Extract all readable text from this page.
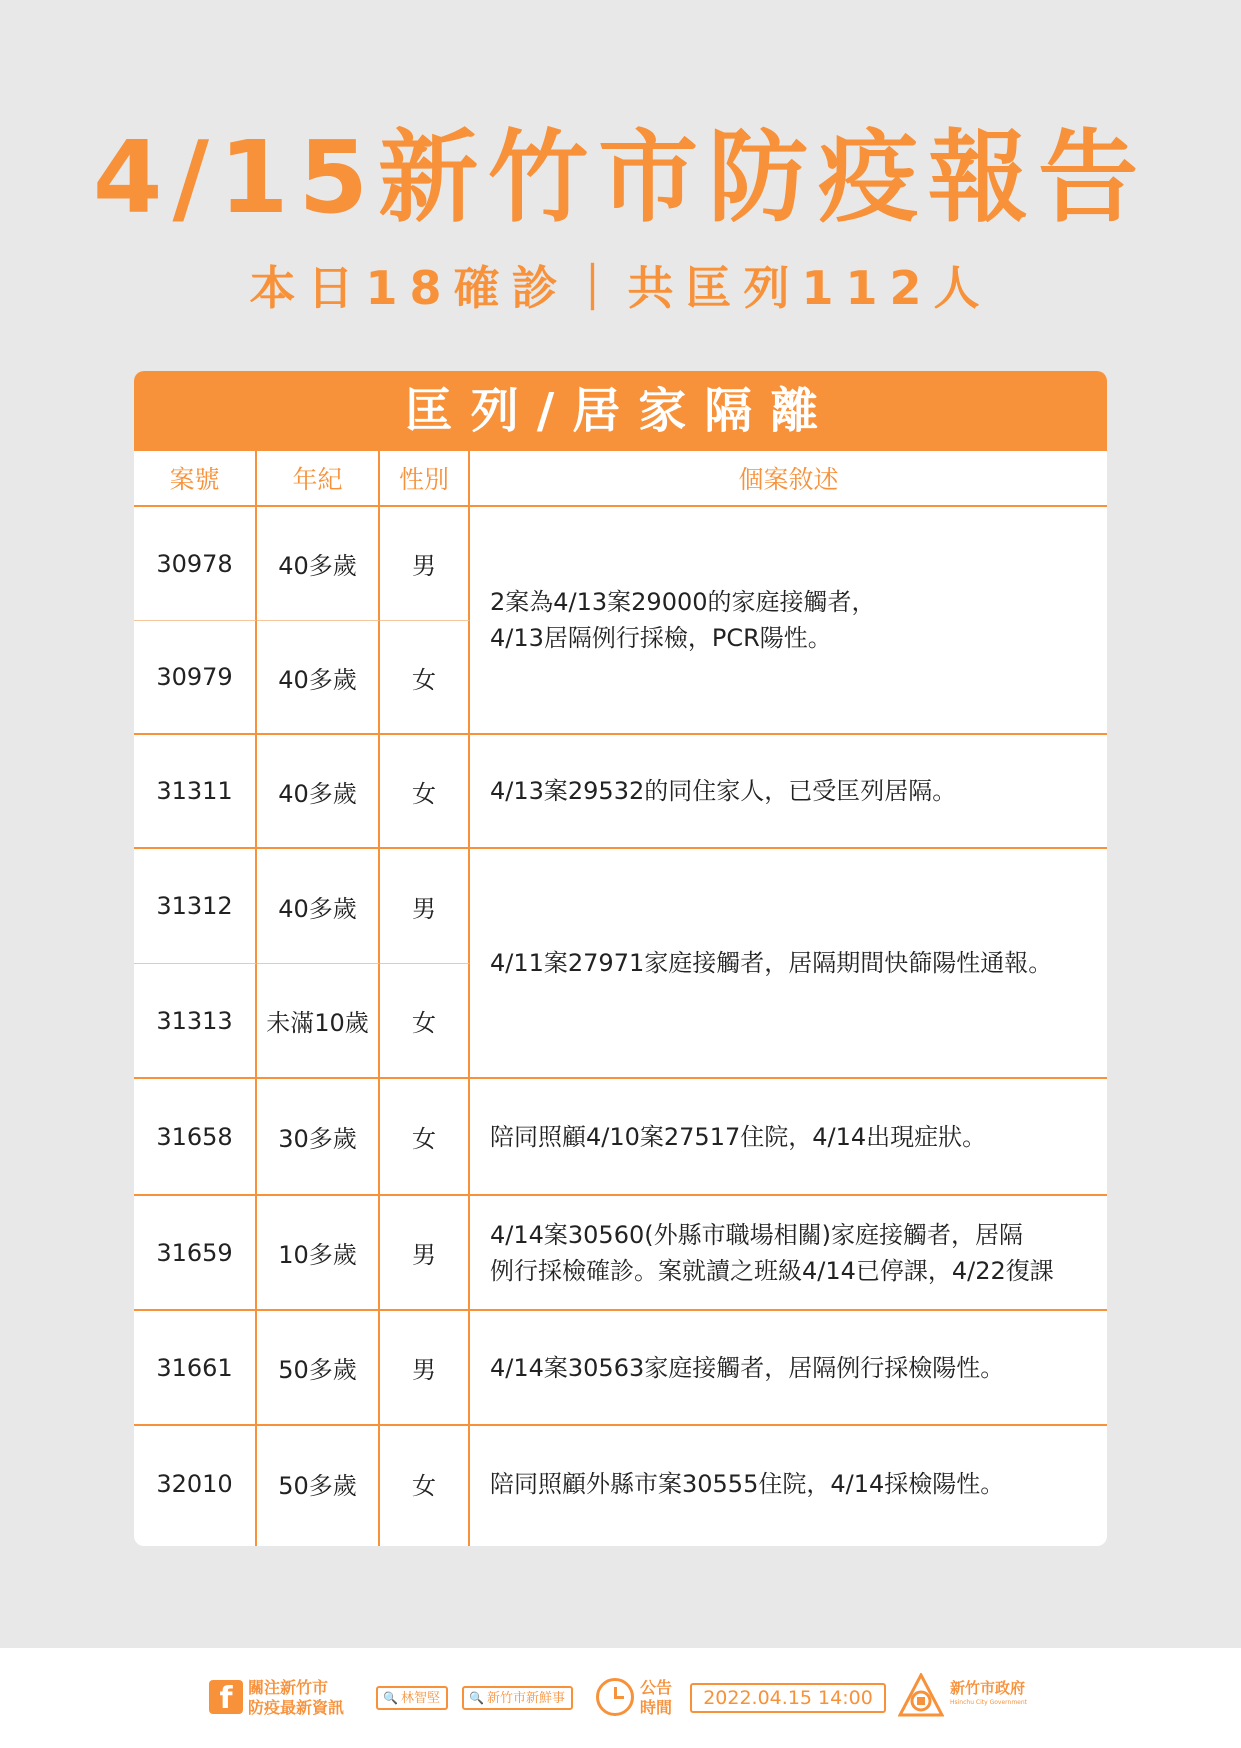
4/15新竹市防疫報告
本日18確診｜共匡列112人
匡列/居家隔離
案號	年紀	性別	個案敘述
30978	40多歲	男
2案為4/13案29000的家庭接觸者，
4/13居隔例行採檢，PCR陽性。
30979	40多歲	女
31311	40多歲	女	4/13案29532的同住家人，已受匡列居隔。
31312	40多歲	男
4/11案27971家庭接觸者，居隔期間快篩陽性通報。
31313	未滿10歲	女
31658	30多歲	女	陪同照顧4/10案27517住院，4/14出現症狀。
31659	10多歲	男
4/14案30560(外縣市職場相關)家庭接觸者，居隔
例行採檢確診。案就讀之班級4/14已停課，4/22復課
31661	50多歲	男	4/14案30563家庭接觸者，居隔例行採檢陽性。
32010	50多歲	女	陪同照顧外縣市案30555住院，4/14採檢陽性。
f 關注新竹市
防疫最新資訊	🔍 林智堅	🔍 新竹市新鮮事
公告
時間	2022.04.15 14:00	新竹市政府
Hsinchu City Government
